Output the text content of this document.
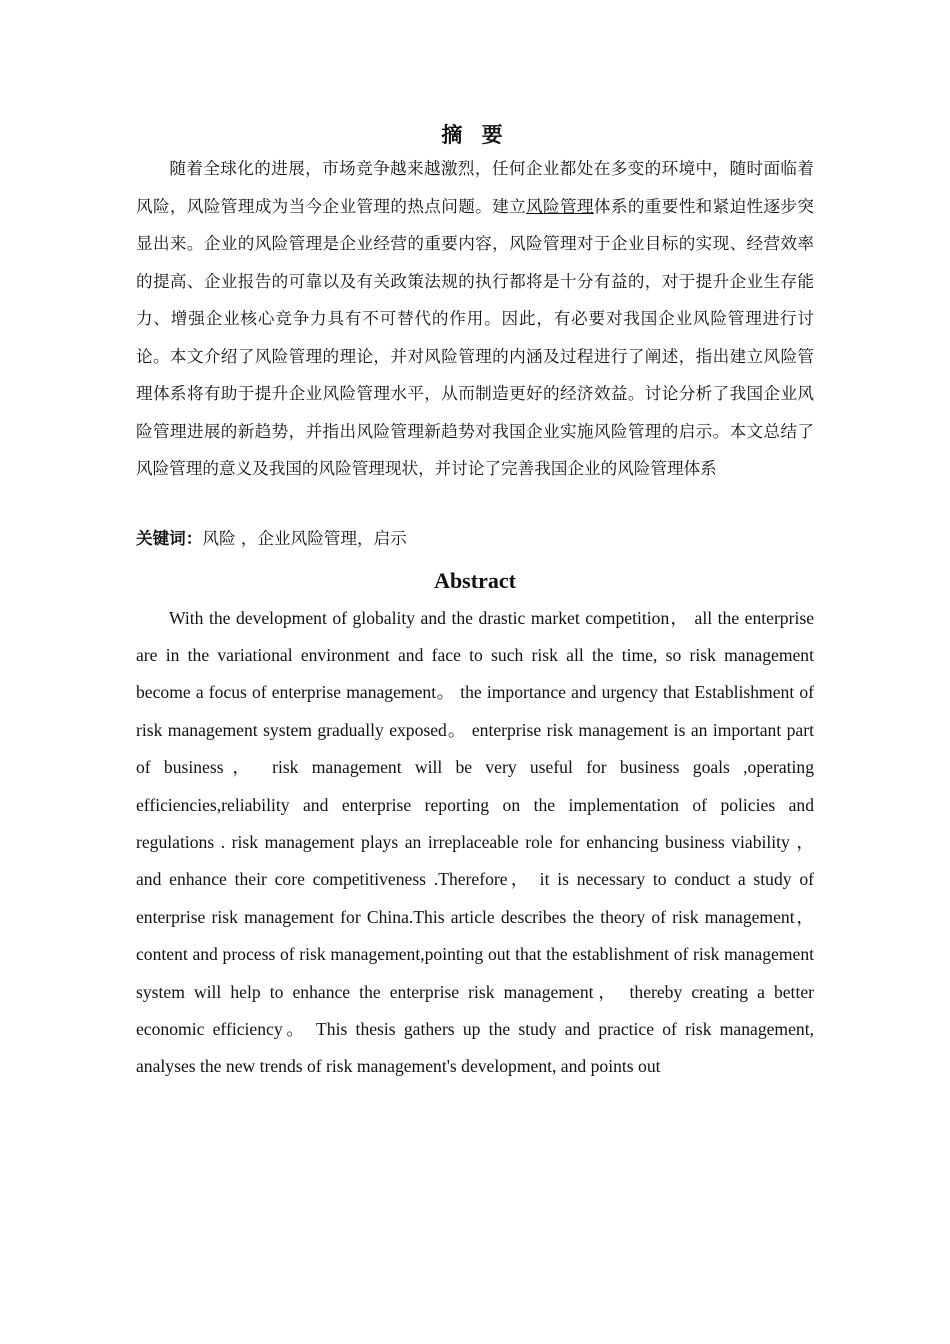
摘 要

随着全球化的进展，市场竞争越来越激烈，任何企业都处在多变的环境中，随时面临着风险，风险管理成为当今企业管理的热点问题。建立风险管理体系的重要性和紧迫性逐步突显出来。企业的风险管理是企业经营的重要内容，风险管理对于企业目标的实现、经营效率的提高、企业报告的可靠以及有关政策法规的执行都将是十分有益的，对于提升企业生存能力、增强企业核心竞争力具有不可替代的作用。因此，有必要对我国企业风险管理进行讨论。本文介绍了风险管理的理论，并对风险管理的内涵及过程进行了阐述，指出建立风险管理体系将有助于提升企业风险管理水平，从而制造更好的经济效益。讨论分析了我国企业风险管理进展的新趋势，并指出风险管理新趋势对我国企业实施风险管理的启示。本文总结了风险管理的意义及我国的风险管理现状，并讨论了完善我国企业的风险管理体系

关键词：风险 ，企业风险管理，启示
Abstract

With the development of globality and the drastic market competition， all the enterprise are in the variational environment and face to such risk all the time, so risk management become a focus of enterprise management。 the importance and urgency that Establishment of risk management system gradually exposed。 enterprise risk management is an important part of business， risk management will be very useful for business goals ,operating efficiencies,reliability and enterprise reporting on the implementation of policies and regulations . risk management plays an irreplaceable role for enhancing business viability ， and enhance their core competitiveness .Therefore， it is necessary to conduct a study of enterprise risk management for China.This article describes the theory of risk management， content and process of risk management,pointing out that the establishment of risk management system will help to enhance the enterprise risk management， thereby creating a better economic efficiency。 This thesis gathers up the study and practice of risk management, analyses the new trends of risk management's development, and points out
